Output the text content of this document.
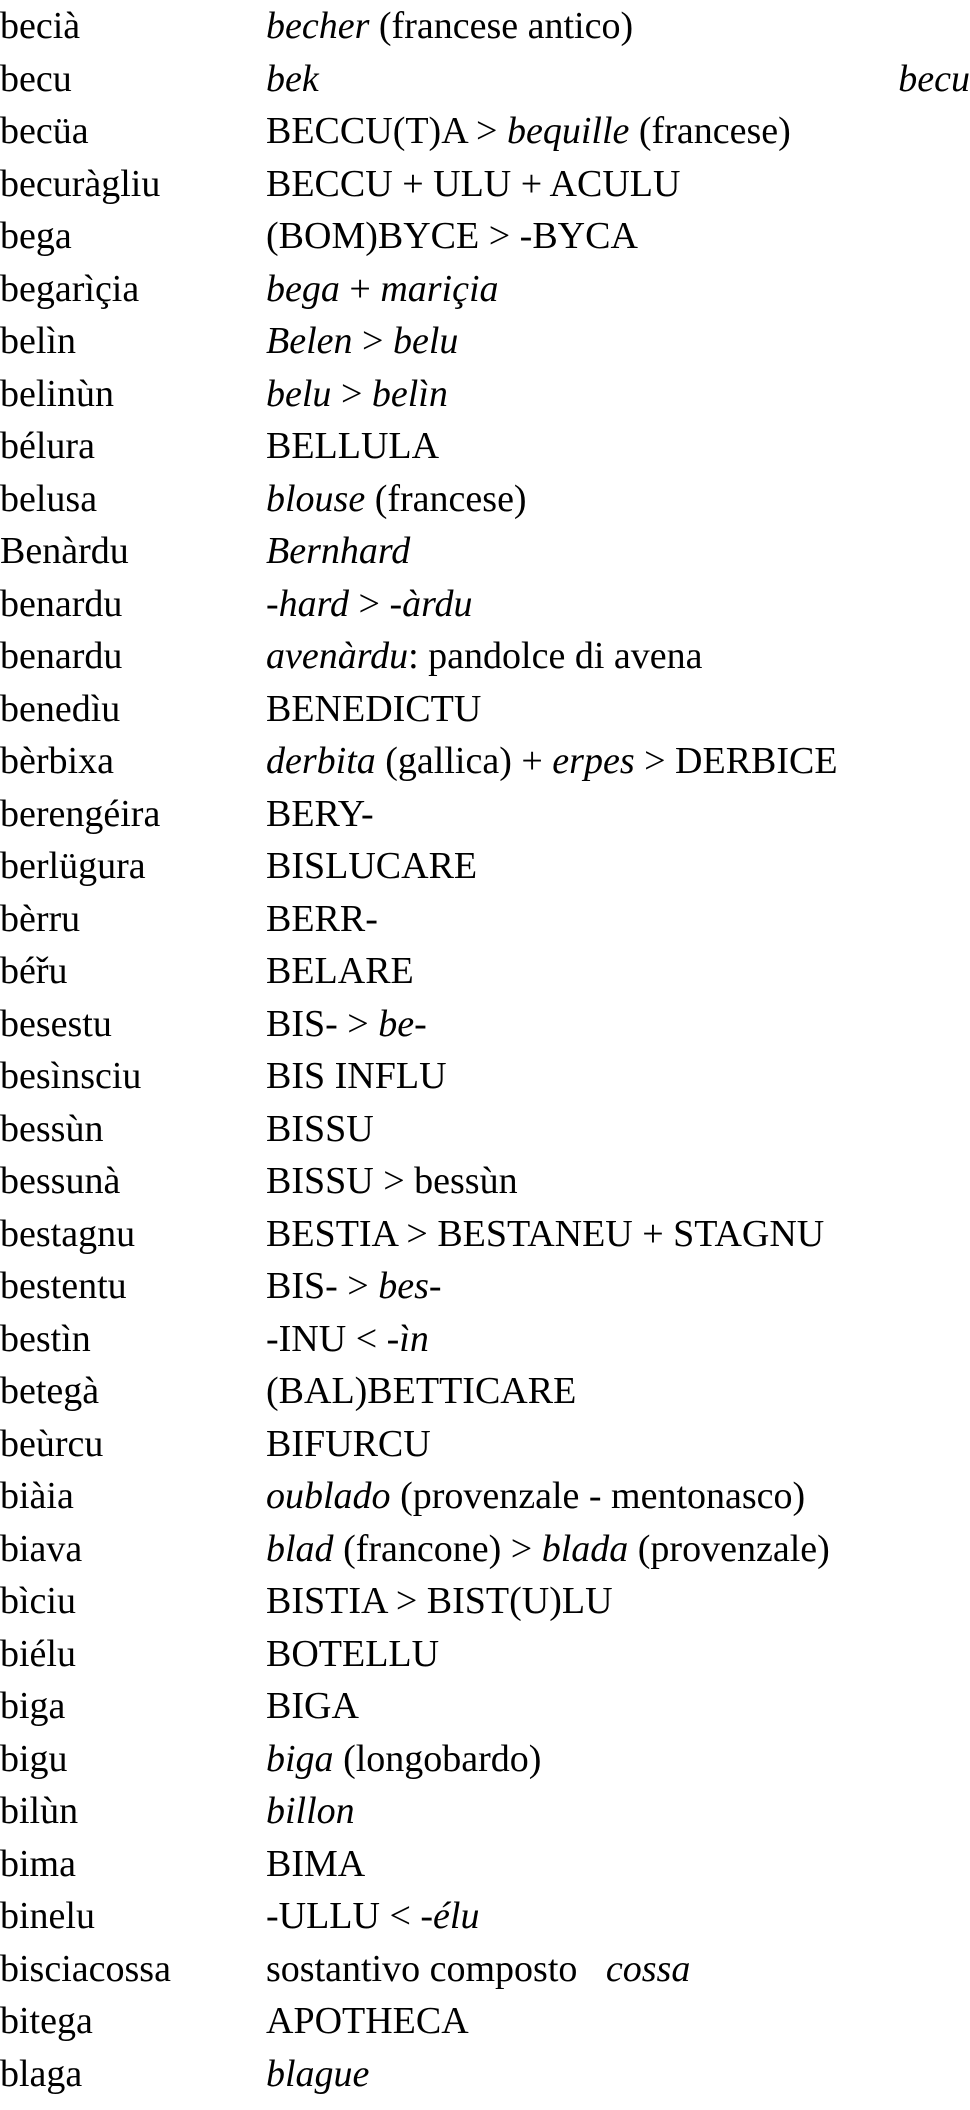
becià	becher (francese antico)
becu	bek	becu
becüa	BECCU(T)A > bequille (francese)
becuràgliu	BECCU + ULU + ACULU
bega	(BOM)BYCE > -BYCA
begarìçia	bega + mariçia
belìn	Belen > belu
belinùn	belu > belìn
bélura	BELLULA
belusa	blouse (francese)
Benàrdu	Bernhard
benardu	-hard > -àrdu
benardu	avenàrdu: pandolce di avena
benedìu	BENEDICTU
bèrbixa	derbita (gallica) + erpes > DERBICE
berengéira	BERY-
berlügura	BISLUCARE
bèrru	BERR-
béřu	BELARE
besestu	BIS- > be-
besìnsciu	BIS INFLU
bessùn	BISSU
bessunà	BISSU > bessùn
bestagnu	BESTIA > BESTANEU + STAGNU
bestentu	BIS- > bes-
bestìn	-INU < -ìn
betegà	(BAL)BETTICARE
beùrcu	BIFURCU
biàia	oublado (provenzale - mentonasco)
biava	blad (francone) > blada (provenzale)
bìciu	BISTIA > BIST(U)LU
biélu	BOTELLU
biga	BIGA
bigu	biga (longobardo)
bilùn	billon
bima	BIMA
binelu	-ULLU < -élu
bisciacossa	sostantivo composto   cossa
bitega	APOTHECA
blaga	blague
